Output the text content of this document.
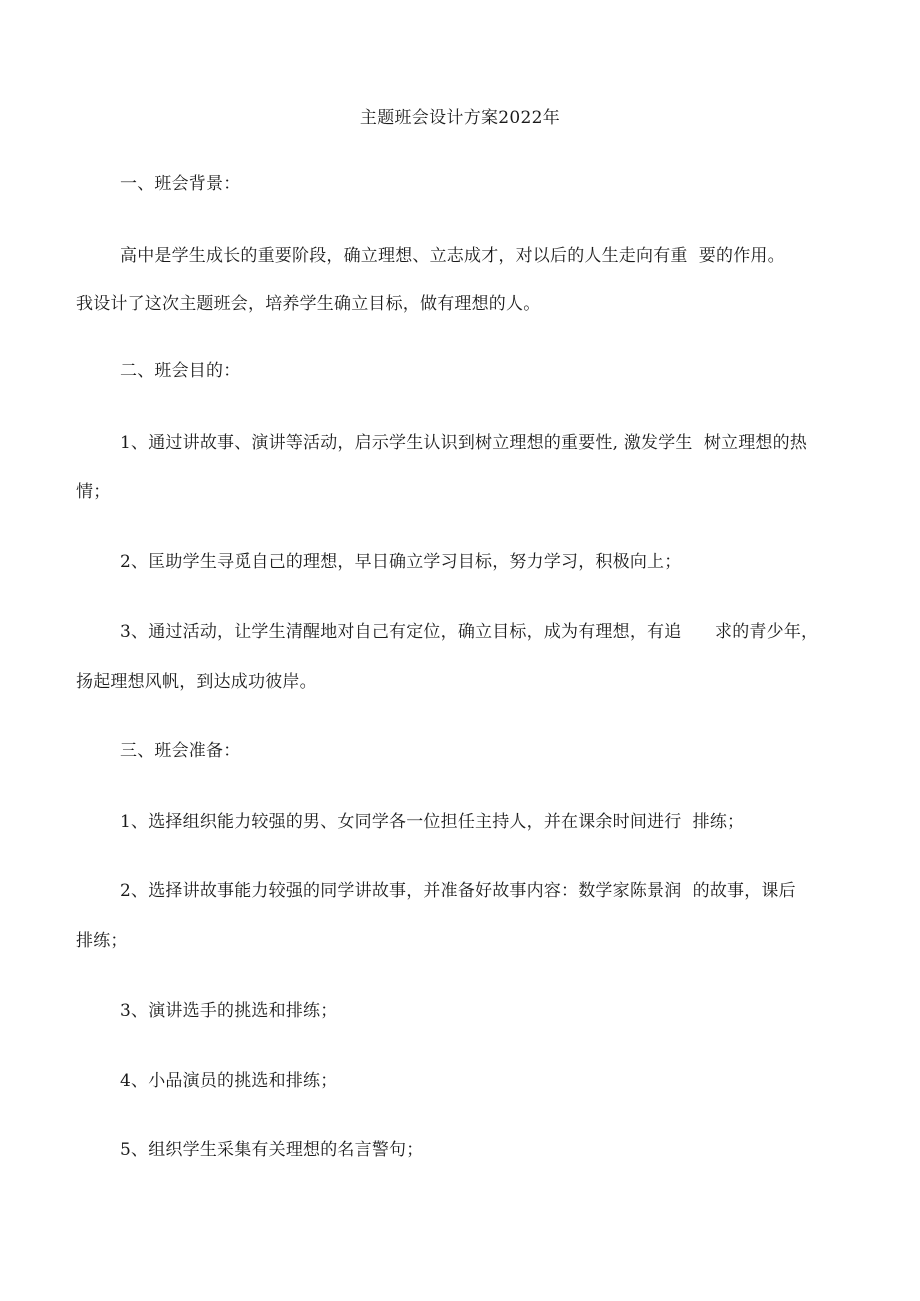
主题班会设计方案2022年
一、班会背景：
高中是学生成长的重要阶段，确立理想、立志成才，对以后的人生走向有重  要的作用。
我设计了这次主题班会，培养学生确立目标，做有理想的人。
二、班会目的：
1、通过讲故事、演讲等活动，启示学生认识到树立理想的重要性, 激发学生  树立理想的热
情；
2、匡助学生寻觅自己的理想，早日确立学习目标，努力学习，积极向上；
3、通过活动，让学生清醒地对自己有定位，确立目标，成为有理想，有追      求的青少年，
扬起理想风帆，到达成功彼岸。
三、班会准备：
1、选择组织能力较强的男、女同学各一位担任主持人，并在课余时间进行  排练；
2、选择讲故事能力较强的同学讲故事，并准备好故事内容：数学家陈景润  的故事，课后
排练；
3、演讲选手的挑选和排练；
4、小品演员的挑选和排练；
5、组织学生采集有关理想的名言警句；
